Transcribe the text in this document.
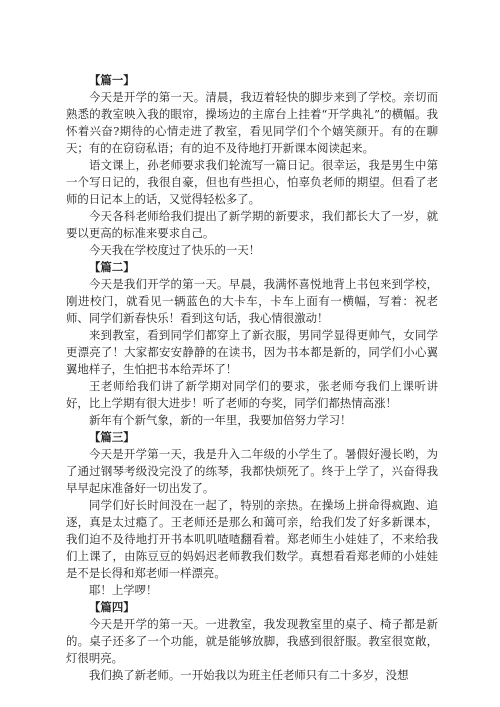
【篇一】

今天是开学的第一天。清晨，我迈着轻快的脚步来到了学校。亲切而熟悉的教室映入我的眼帘，操场边的主席台上挂着“开学典礼”的横幅。我怀着兴奋?期待的心情走进了教室，看见同学们个个嬉笑颜开。有的在聊天；有的在窃窃私语；有的迫不及待地打开新课本阅读起来。

语文课上，孙老师要求我们轮流写一篇日记。很幸运，我是男生中第一个写日记的，我很自豪，但也有些担心，怕辜负老师的期望。但看了老师的日记本上的话，又觉得轻松多了。

今天各科老师给我们提出了新学期的新要求，我们都长大了一岁，就要以更高的标准来要求自己。

今天我在学校度过了快乐的一天！

【篇二】

今天是我们开学的第一天。早晨，我满怀喜悦地背上书包来到学校，刚进校门，就看见一辆蓝色的大卡车，卡车上面有一横幅，写着：祝老师、同学们新春快乐！看到这句话，我心情很激动！

来到教室，看到同学们都穿上了新衣服，男同学显得更帅气，女同学更漂亮了！大家都安安静静的在读书，因为书本都是新的，同学们小心翼翼地样子，生怕把书本给弄坏了！

王老师给我们讲了新学期对同学们的要求，张老师夸我们上课听讲好，比上学期有很大进步！听了老师的夸奖，同学们都热情高涨！

新年有个新气象，新的一年里，我要加倍努力学习！

【篇三】

今天是开学第一天，我是升入二年级的小学生了。暑假好漫长哟，为了通过钢琴考级没完没了的练琴，我都快烦死了。终于上学了，兴奋得我早早起床准备好一切出发了。

同学们好长时间没在一起了，特别的亲热。在操场上拼命得疯跑、追逐，真是太过瘾了。王老师还是那么和蔼可亲，给我们发了好多新课本，我们迫不及待地打开书本叽叽喳喳翻看着。郑老师生小娃娃了，不来给我们上课了，由陈豆豆的妈妈迟老师教我们数学。真想看看郑老师的小娃娃是不是长得和郑老师一样漂亮。

耶！上学啰！

【篇四】

今天是开学的第一天。一进教室，我发现教室里的桌子、椅子都是新的。桌子还多了一个功能，就是能够放脚，我感到很舒服。教室很宽敞，灯很明亮。

我们换了新老师。一开始我以为班主任老师只有二十多岁，没想
